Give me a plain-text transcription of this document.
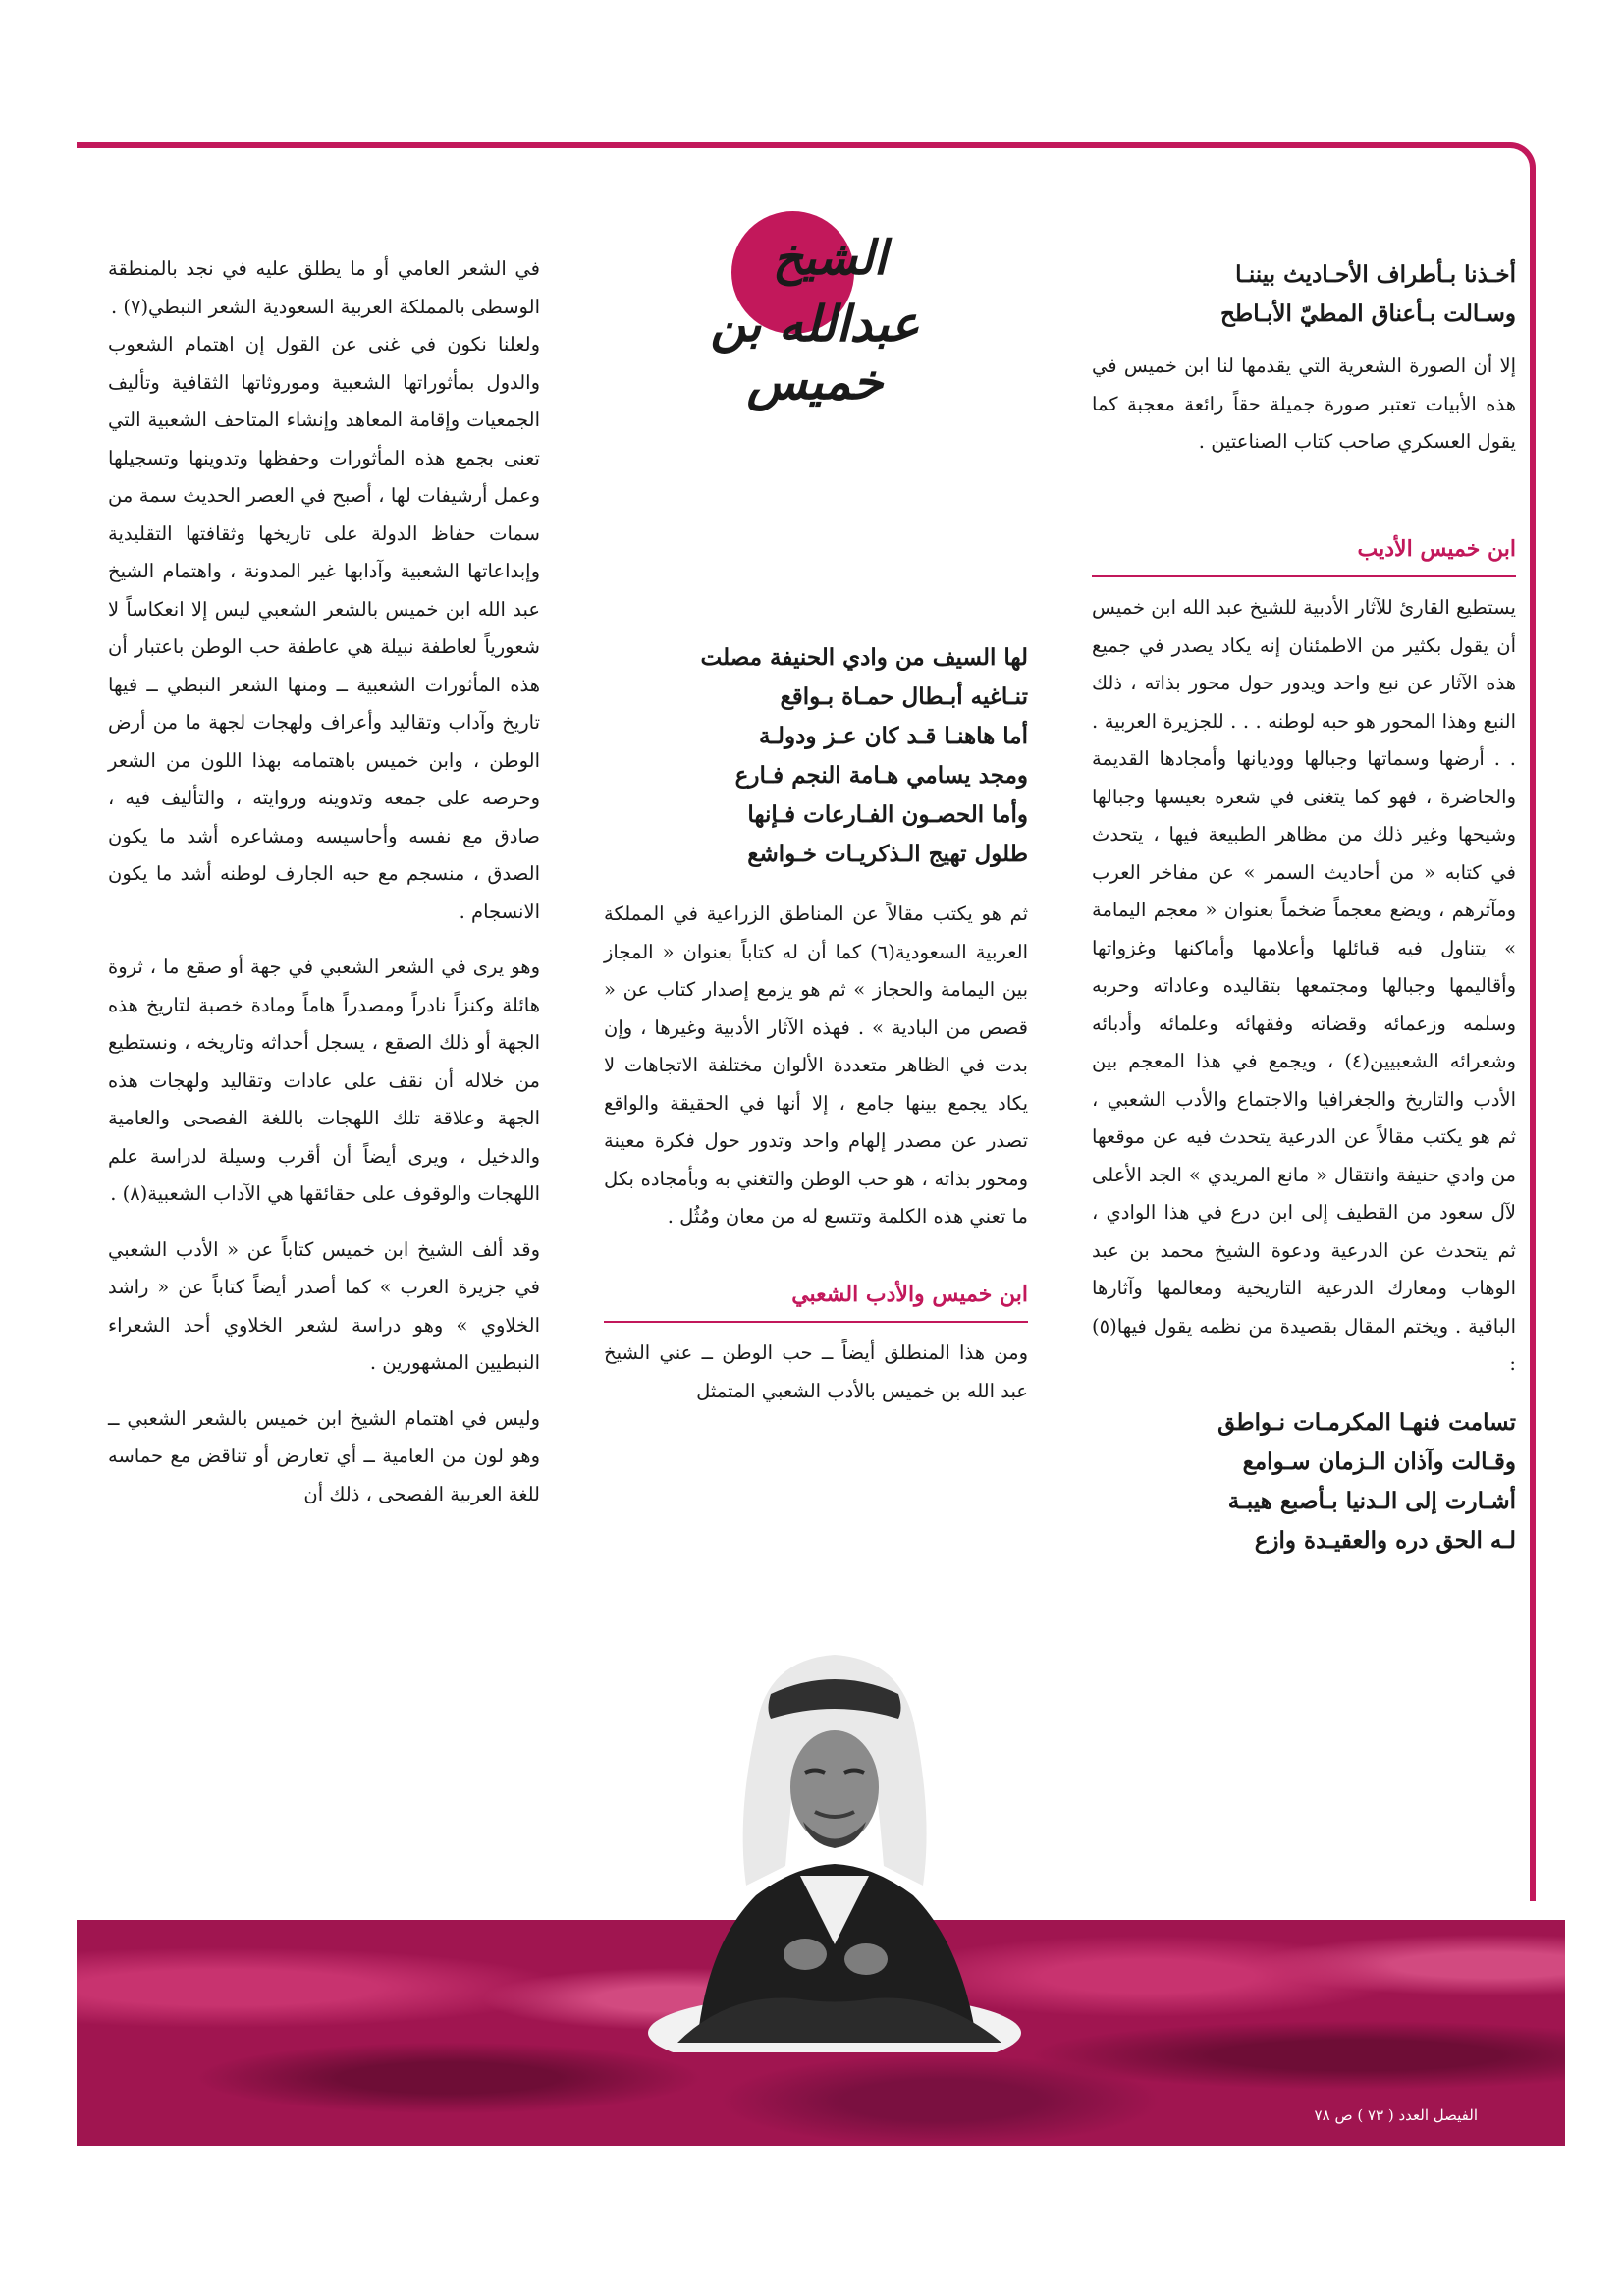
الشيخ
عبدالله بن خميس
أخـذنا بـأطراف الأحـاديث بيننـا
وسـالت بـأعناق المطيّ الأبـاطح

إلا أن الصورة الشعرية التي يقدمها لنا ابن خميس في هذه الأبيات تعتبر صورة جميلة حقاً رائعة معجبة كما يقول العسكري صاحب كتاب الصناعتين .

ابن خميس الأديب

يستطيع القارئ للآثار الأدبية للشيخ عبد الله ابن خميس أن يقول بكثير من الاطمئنان إنه يكاد يصدر في جميع هذه الآثار عن نبع واحد ويدور حول محور بذاته ، ذلك النبع وهذا المحور هو حبه لوطنه . . . للجزيرة العربية . . . أرضها وسماتها وجبالها ووديانها وأمجادها القديمة والحاضرة ، فهو كما يتغنى في شعره بعيسها وجبالها وشيحها وغير ذلك من مظاهر الطبيعة فيها ، يتحدث في كتابه « من أحاديث السمر » عن مفاخر العرب ومآثرهم ، ويضع معجماً ضخماً بعنوان « معجم اليمامة » يتناول فيه قبائلها وأعلامها وأماكنها وغزواتها وأقاليمها وجبالها ومجتمعها بتقاليده وعاداته وحربه وسلمه وزعمائه وقضاته وفقهائه وعلمائه وأدبائه وشعرائه الشعبيين(٤) ، ويجمع في هذا المعجم بين الأدب والتاريخ والجغرافيا والاجتماع والأدب الشعبي ، ثم هو يكتب مقالاً عن الدرعية يتحدث فيه عن موقعها من وادي حنيفة وانتقال « مانع المريدي » الجد الأعلى لآل سعود من القطيف إلى ابن درع في هذا الوادي ، ثم يتحدث عن الدرعية ودعوة الشيخ محمد بن عبد الوهاب ومعارك الدرعية التاريخية ومعالمها وآثارها الباقية . ويختم المقال بقصيدة من نظمه يقول فيها(٥) :

تسامت فنهـا المكرمـات نـواطق
وقـالت وآذان الـزمان سـوامع
أشـارت إلى الـدنيا بـأصبع هيبـة
لـه الحق دره والعقيـدة وازع
لها السيف من وادي الحنيفة مصلت
تنـاغيه أبـطال حمـاة بـواقع
أما هاهنـا قـد كان عـز ودولـة
ومجد يسامي هـامة النجم فـارع
وأما الحصـون الفـارعات فـإنها
طلول تهيج الـذكريـات خـواشع

ثم هو يكتب مقالاً عن المناطق الزراعية في المملكة العربية السعودية(٦) كما أن له كتاباً بعنوان « المجاز بين اليمامة والحجاز » ثم هو يزمع إصدار كتاب عن « قصص من البادية » . فهذه الآثار الأدبية وغيرها ، وإن بدت في الظاهر متعددة الألوان مختلفة الاتجاهات لا يكاد يجمع بينها جامع ، إلا أنها في الحقيقة والواقع تصدر عن مصدر إلهام واحد وتدور حول فكرة معينة ومحور بذاته ، هو حب الوطن والتغني به وبأمجاده بكل ما تعني هذه الكلمة وتتسع له من معان ومُثُل .

ابن خميس والأدب الشعبي

ومن هذا المنطلق أيضاً ــ حب الوطن ــ عني الشيخ عبد الله بن خميس بالأدب الشعبي المتمثل

في الشعر العامي أو ما يطلق عليه في نجد بالمنطقة الوسطى بالمملكة العربية السعودية الشعر النبطي(٧) .

ولعلنا نكون في غنى عن القول إن اهتمام الشعوب والدول بمأثوراتها الشعبية وموروثاتها الثقافية وتأليف الجمعيات وإقامة المعاهد وإنشاء المتاحف الشعبية التي تعنى بجمع هذه المأثورات وحفظها وتدوينها وتسجيلها وعمل أرشيفات لها ، أصبح في العصر الحديث سمة من سمات حفاظ الدولة على تاريخها وثقافتها التقليدية وإبداعاتها الشعبية وآدابها غير المدونة ، واهتمام الشيخ عبد الله ابن خميس بالشعر الشعبي ليس إلا انعكاساً لا شعورياً لعاطفة نبيلة هي عاطفة حب الوطن باعتبار أن هذه المأثورات الشعبية ــ ومنها الشعر النبطي ــ فيها تاريخ وآداب وتقاليد وأعراف ولهجات لجهة ما من أرض الوطن ، وابن خميس باهتمامه بهذا اللون من الشعر وحرصه على جمعه وتدوينه وروايته ، والتأليف فيه ، صادق مع نفسه وأحاسيسه ومشاعره أشد ما يكون الصدق ، منسجم مع حبه الجارف لوطنه أشد ما يكون الانسجام .

وهو يرى في الشعر الشعبي في جهة أو صقع ما ، ثروة هائلة وكنزاً نادراً ومصدراً هاماً ومادة خصبة لتاريخ هذه الجهة أو ذلك الصقع ، يسجل أحداثه وتاريخه ، ونستطيع من خلاله أن نقف على عادات وتقاليد ولهجات هذه الجهة وعلاقة تلك اللهجات باللغة الفصحى والعامية والدخيل ، ويرى أيضاً أن أقرب وسيلة لدراسة علم اللهجات والوقوف على حقائقها هي الآداب الشعبية(٨) .

وقد ألف الشيخ ابن خميس كتاباً عن « الأدب الشعبي في جزيرة العرب » كما أصدر أيضاً كتاباً عن « راشد الخلاوي » وهو دراسة لشعر الخلاوي أحد الشعراء النبطيين المشهورين .

وليس في اهتمام الشيخ ابن خميس بالشعر الشعبي ــ وهو لون من العامية ــ أي تعارض أو تناقض مع حماسه للغة العربية الفصحى ، ذلك أن

الفيصل العدد ( ٧٣ ) ص ٧٨
